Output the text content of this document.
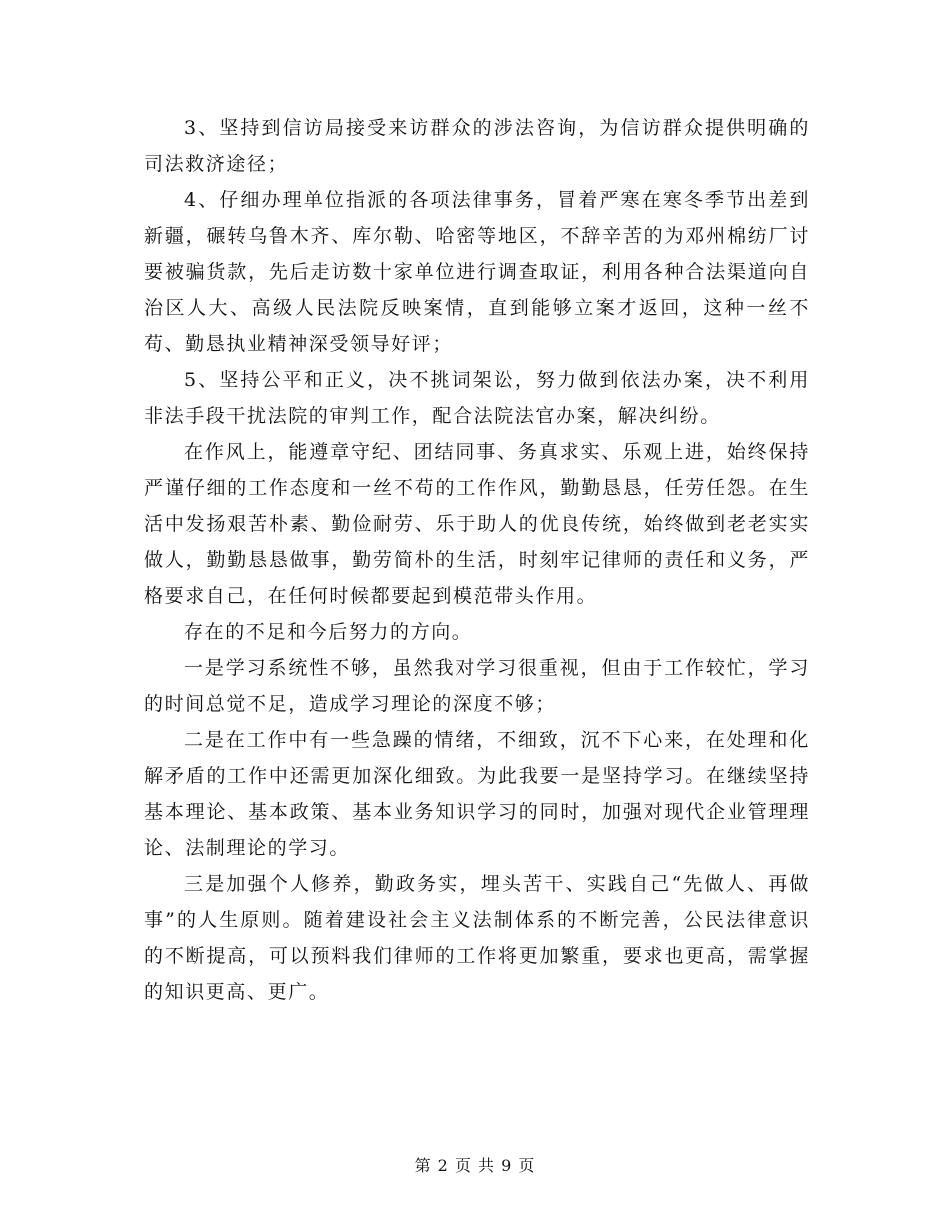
3、坚持到信访局接受来访群众的涉法咨询，为信访群众提供明确的司法救济途径；

4、仔细办理单位指派的各项法律事务，冒着严寒在寒冬季节出差到新疆，碾转乌鲁木齐、库尔勒、哈密等地区，不辞辛苦的为邓州棉纺厂讨要被骗货款，先后走访数十家单位进行调查取证，利用各种合法渠道向自治区人大、高级人民法院反映案情，直到能够立案才返回，这种一丝不苟、勤恳执业精神深受领导好评；

5、坚持公平和正义，决不挑词架讼，努力做到依法办案，决不利用非法手段干扰法院的审判工作，配合法院法官办案，解决纠纷。

在作风上，能遵章守纪、团结同事、务真求实、乐观上进，始终保持严谨仔细的工作态度和一丝不苟的工作作风，勤勤恳恳，任劳任怨。在生活中发扬艰苦朴素、勤俭耐劳、乐于助人的优良传统，始终做到老老实实做人，勤勤恳恳做事，勤劳简朴的生活，时刻牢记律师的责任和义务，严格要求自己，在任何时候都要起到模范带头作用。

存在的不足和今后努力的方向。

一是学习系统性不够，虽然我对学习很重视，但由于工作较忙，学习的时间总觉不足，造成学习理论的深度不够；

二是在工作中有一些急躁的情绪，不细致，沉不下心来，在处理和化解矛盾的工作中还需更加深化细致。为此我要一是坚持学习。在继续坚持基本理论、基本政策、基本业务知识学习的同时，加强对现代企业管理理论、法制理论的学习。

三是加强个人修养，勤政务实，埋头苦干、实践自己“先做人、再做事”的人生原则。随着建设社会主义法制体系的不断完善，公民法律意识的不断提高，可以预料我们律师的工作将更加繁重，要求也更高，需掌握的知识更高、更广。

第 2 页 共 9 页
